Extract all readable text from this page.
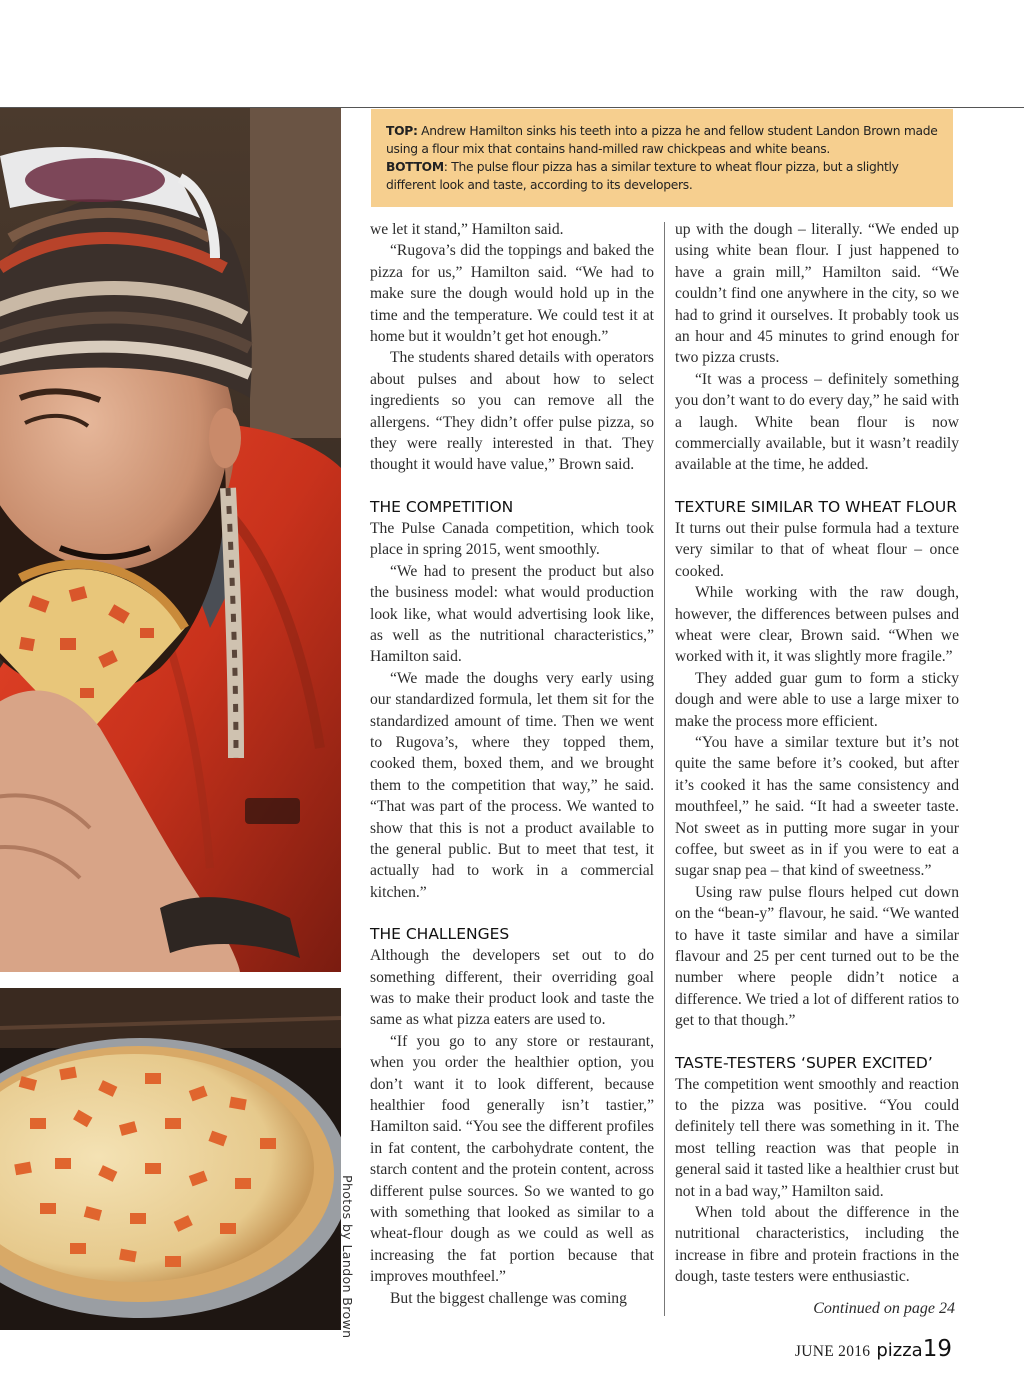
Photos by Landon Brown
TOP: Andrew Hamilton sinks his teeth into a pizza he and fellow student Landon Brown made using a flour mix that contains hand-milled raw chickpeas and white beans.
BOTTOM: The pulse flour pizza has a similar texture to wheat flour pizza, but a slightly different look and taste, according to its developers.

we let it stand,” Hamilton said.

“Rugova’s did the toppings and baked the pizza for us,” Hamilton said. “We had to make sure the dough would hold up in the time and the temperature. We could test it at home but it wouldn’t get hot enough.”

The students shared details with operators about pulses and about how to select ingredients so you can remove all the allergens. “They didn’t offer pulse pizza, so they were really interested in that. They thought it would have value,” Brown said.

THE COMPETITION

The Pulse Canada competition, which took place in spring 2015, went smoothly.

“We had to present the product but also the business model: what would production look like, what would advertising look like, as well as the nutritional characteristics,” Hamilton said.

“We made the doughs very early using our standardized formula, let them sit for the standardized amount of time. Then we went to Rugova’s, where they topped them, cooked them, boxed them, and we brought them to the competition that way,” he said. “That was part of the process. We wanted to show that this is not a product available to the general public. But to meet that test, it actually had to work in a commercial kitchen.”

THE CHALLENGES

Although the developers set out to do something different, their overriding goal was to make their product look and taste the same as what pizza eaters are used to.

“If you go to any store or restaurant, when you order the healthier option, you don’t want it to look different, because healthier food generally isn’t tastier,” Hamilton said. “You see the different profiles in fat content, the carbohydrate content, the starch content and the protein content, across different pulse sources. So we wanted to go with something that looked as similar to a wheat-flour dough as we could as well as increasing the fat portion because that improves mouthfeel.”

But the biggest challenge was coming

up with the dough – literally. “We ended up using white bean flour. I just happened to have a grain mill,” Hamilton said. “We couldn’t find one anywhere in the city, so we had to grind it ourselves. It probably took us an hour and 45 minutes to grind enough for two pizza crusts.

“It was a process – definitely something you don’t want to do every day,” he said with a laugh. White bean flour is now commercially available, but it wasn’t readily available at the time, he added.

TEXTURE SIMILAR TO WHEAT FLOUR

It turns out their pulse formula had a texture very similar to that of wheat flour – once cooked.

While working with the raw dough, however, the differences between pulses and wheat were clear, Brown said. “When we worked with it, it was slightly more fragile.”

They added guar gum to form a sticky dough and were able to use a large mixer to make the process more efficient.

“You have a similar texture but it’s not quite the same before it’s cooked, but after it’s cooked it has the same consistency and mouthfeel,” he said. “It had a sweeter taste. Not sweet as in putting more sugar in your coffee, but sweet as in if you were to eat a sugar snap pea – that kind of sweetness.”

Using raw pulse flours helped cut down on the “bean-y” flavour, he said. “We wanted to have it taste similar and have a similar flavour and 25 per cent turned out to be the number where people didn’t notice a difference. We tried a lot of different ratios to get to that though.”

TASTE-TESTERS ‘SUPER EXCITED’

The competition went smoothly and reaction to the pizza was positive. “You could definitely tell there was something in it. The most telling reaction was that people in general said it tasted like a healthier crust but not in a bad way,” Hamilton said.

When told about the difference in the nutritional characteristics, including the increase in fibre and protein fractions in the dough, taste testers were enthusiastic.

Continued on page 24
JUNE 2016 pizza19
